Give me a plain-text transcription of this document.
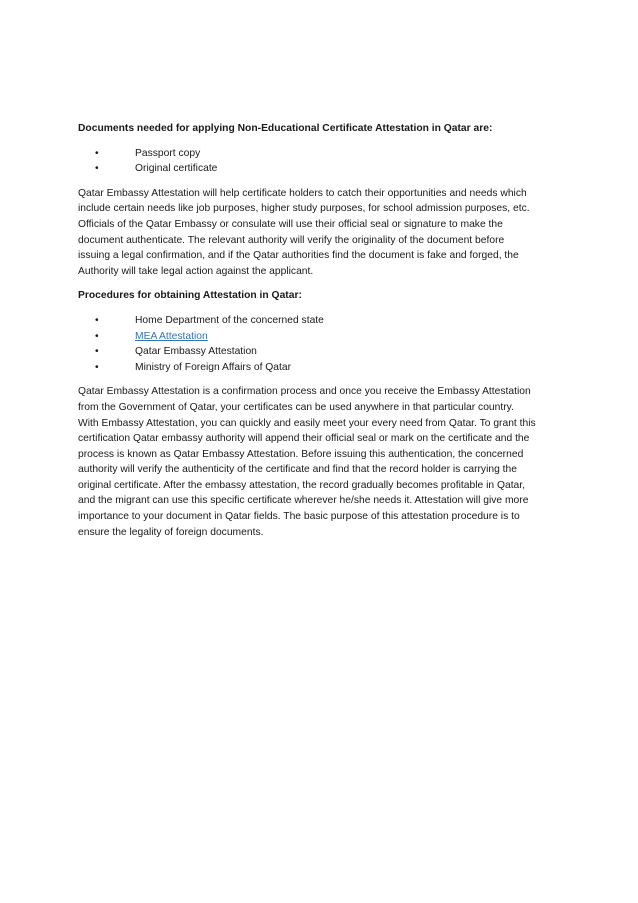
Documents needed for applying Non-Educational Certificate Attestation in Qatar are:
•	Passport copy
•	Original certificate
Qatar Embassy Attestation will help certificate holders to catch their opportunities and needs which
include certain needs like job purposes, higher study purposes, for school admission purposes, etc.
Officials of the Qatar Embassy or consulate will use their official seal or signature to make the
document authenticate. The relevant authority will verify the originality of the document before
issuing a legal confirmation, and if the Qatar authorities find the document is fake and forged, the
Authority will take legal action against the applicant.
Procedures for obtaining Attestation in Qatar:
•	Home Department of the concerned state
•	MEA Attestation
•	Qatar Embassy Attestation
•	Ministry of Foreign Affairs of Qatar
Qatar Embassy Attestation is a confirmation process and once you receive the Embassy Attestation
from the Government of Qatar, your certificates can be used anywhere in that particular country.
With Embassy Attestation, you can quickly and easily meet your every need from Qatar. To grant this
certification Qatar embassy authority will append their official seal or mark on the certificate and the
process is known as Qatar Embassy Attestation. Before issuing this authentication, the concerned
authority will verify the authenticity of the certificate and find that the record holder is carrying the
original certificate. After the embassy attestation, the record gradually becomes profitable in Qatar,
and the migrant can use this specific certificate wherever he/she needs it. Attestation will give more
importance to your document in Qatar fields. The basic purpose of this attestation procedure is to
ensure the legality of foreign documents.
